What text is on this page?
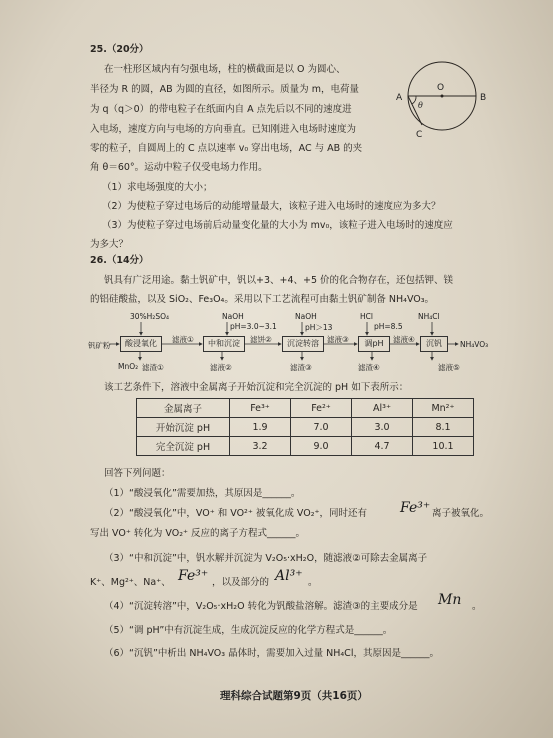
25.（20分）
在一柱形区域内有匀强电场，柱的横截面是以 O 为圆心、
半径为 R 的圆，AB 为圆的直径，如图所示。质量为 m，电荷量
为 q（q＞0）的带电粒子在纸面内自 A 点先后以不同的速度进
入电场，速度方向与电场的方向垂直。已知刚进入电场时速度为
零的粒子，自圆周上的 C 点以速率 v₀ 穿出电场，AC 与 AB 的夹
角 θ＝60°。运动中粒子仅受电场力作用。
（1）求电场强度的大小；
（2）为使粒子穿过电场后的动能增量最大，该粒子进入电场时的速度应为多大？
（3）为使粒子穿过电场前后动量变化量的大小为 mv₀，该粒子进入电场时的速度应
为多大？
A
O
B
C
θ
26.（14分）
钒具有广泛用途。黏土钒矿中，钒以+3、+4、+5 价的化合物存在，还包括钾、镁
的铝硅酸盐，以及 SiO₂、Fe₃O₄。采用以下工艺流程可由黏土钒矿制备 NH₄VO₃。
30%H₂SO₄	NaOH	NaOH	HCl	NH₄Cl
pH=3.0~3.1	pH＞13	pH=8.5
钒矿粉	酸浸氧化	滤液①	中和沉淀	滤饼②	沉淀转溶	滤液③	调pH	滤液④	沉钒	NH₄VO₃
MnO₂ 滤渣①	滤液②	滤渣③	滤渣④	滤液⑤
该工艺条件下，溶液中金属离子开始沉淀和完全沉淀的 pH 如下表所示：
金属离子	Fe³⁺	Fe²⁺	Al³⁺	Mn²⁺
开始沉淀 pH	1.9	7.0	3.0	8.1
完全沉淀 pH	3.2	9.0	4.7	10.1
回答下列问题：
（1）“酸浸氧化”需要加热，其原因是______。
（2）“酸浸氧化”中，VO⁺ 和 VO²⁺ 被氧化成 VO₂⁺，同时还有 Fe³⁺ 离子被氧化。
写出 VO⁺ 转化为 VO₂⁺ 反应的离子方程式______。
（3）“中和沉淀”中，钒水解并沉淀为 V₂O₅·xH₂O，随滤液②可除去金属离子
K⁺、Mg²⁺、Na⁺、 Fe³⁺ ，以及部分的 Al³⁺ 。
（4）“沉淀转溶”中，V₂O₅·xH₂O 转化为钒酸盐溶解。滤渣③的主要成分是 Mn 。
（5）“调 pH”中有沉淀生成，生成沉淀反应的化学方程式是______。
（6）“沉钒”中析出 NH₄VO₃ 晶体时，需要加入过量 NH₄Cl，其原因是______。
理科综合试题第9页（共16页）
